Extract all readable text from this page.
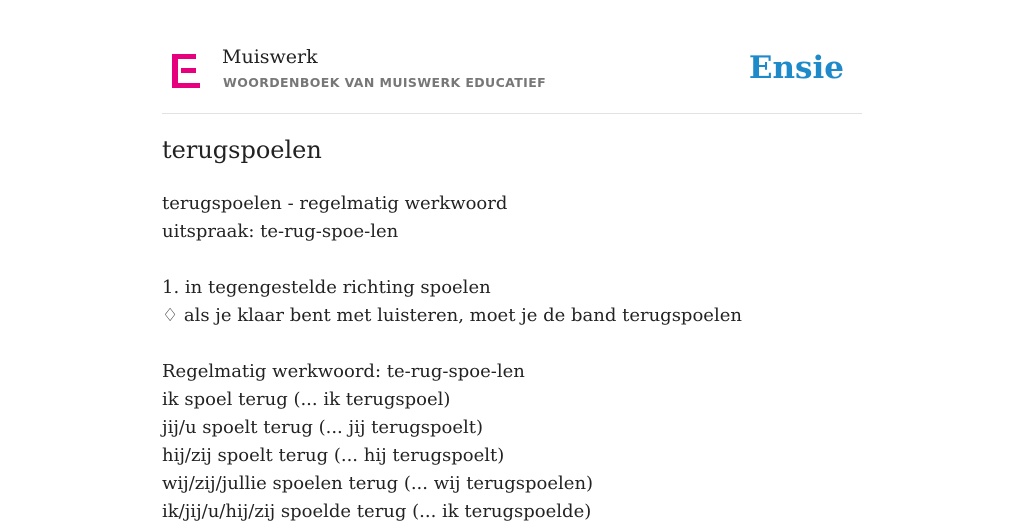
Muiswerk
WOORDENBOEK VAN MUISWERK EDUCATIEF	Ensie
terugspoelen
terugspoelen - regelmatig werkwoord
uitspraak: te-rug-spoe-len
1. in tegengestelde richting spoelen
♢ als je klaar bent met luisteren, moet je de band terugspoelen
Regelmatig werkwoord: te-rug-spoe-len
ik spoel terug (... ik terugspoel)
jij/u spoelt terug (... jij terugspoelt)
hij/zij spoelt terug (... hij terugspoelt)
wij/zij/jullie spoelen terug (... wij terugspoelen)
ik/jij/u/hij/zij spoelde terug (... ik terugspoelde)
